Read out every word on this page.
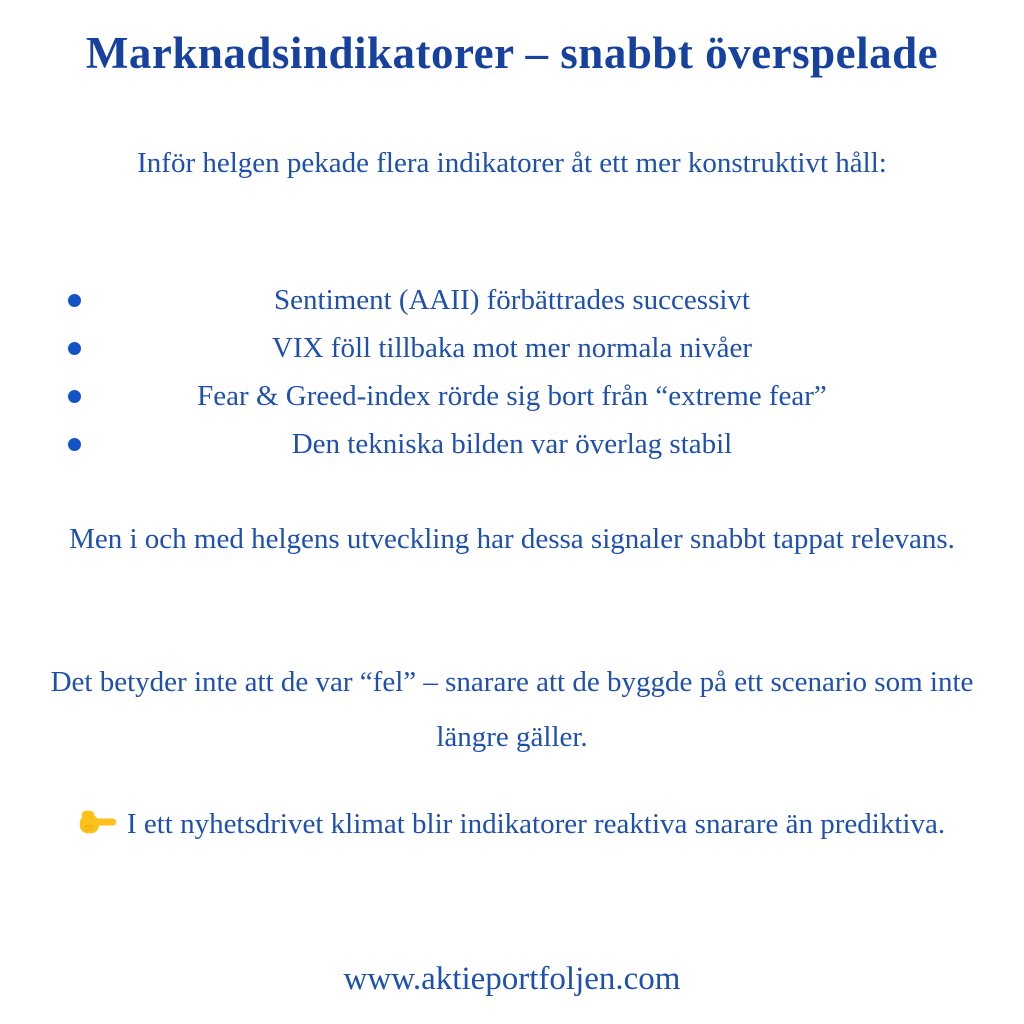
Marknadsindikatorer – snabbt överspelade

Inför helgen pekade flera indikatorer åt ett mer konstruktivt håll:

Sentiment (AAII) förbättrades successivt
VIX föll tillbaka mot mer normala nivåer
Fear & Greed-index rörde sig bort från “extreme fear”
Den tekniska bilden var överlag stabil

Men i och med helgens utveckling har dessa signaler snabbt tappat relevans.

Det betyder inte att de var “fel” – snarare att de byggde på ett scenario som inte längre gäller.

I ett nyhetsdrivet klimat blir indikatorer reaktiva snarare än prediktiva.

www.aktieportfoljen.com
